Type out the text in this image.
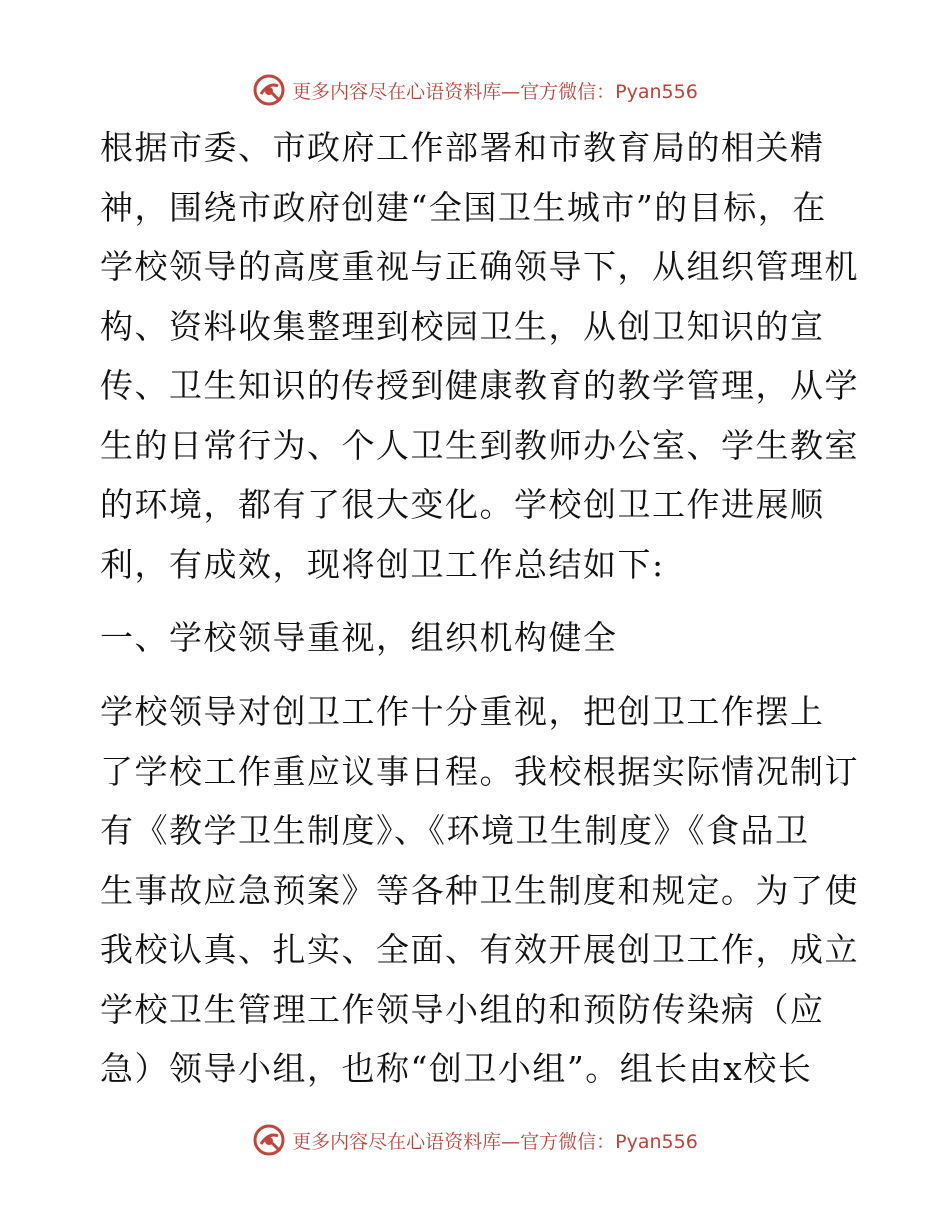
更多内容尽在心语资料库—官方微信：Pyan556
根据市委、市政府工作部署和市教育局的相关精
神，围绕市政府创建“全国卫生城市”的目标，在
学校领导的高度重视与正确领导下，从组织管理机
构、资料收集整理到校园卫生，从创卫知识的宣
传、卫生知识的传授到健康教育的教学管理，从学
生的日常行为、个人卫生到教师办公室、学生教室
的环境，都有了很大变化。学校创卫工作进展顺
利，有成效，现将创卫工作总结如下:
一、学校领导重视，组织机构健全
学校领导对创卫工作十分重视，把创卫工作摆上
了学校工作重应议事日程。我校根据实际情况制订
有《教学卫生制度》、《环境卫生制度》《食品卫
生事故应急预案》等各种卫生制度和规定。为了使
我校认真、扎实、全面、有效开展创卫工作，成立
学校卫生管理工作领导小组的和预防传染病（应
急）领导小组，也称“创卫小组”。组长由x校长
更多内容尽在心语资料库—官方微信：Pyan556
